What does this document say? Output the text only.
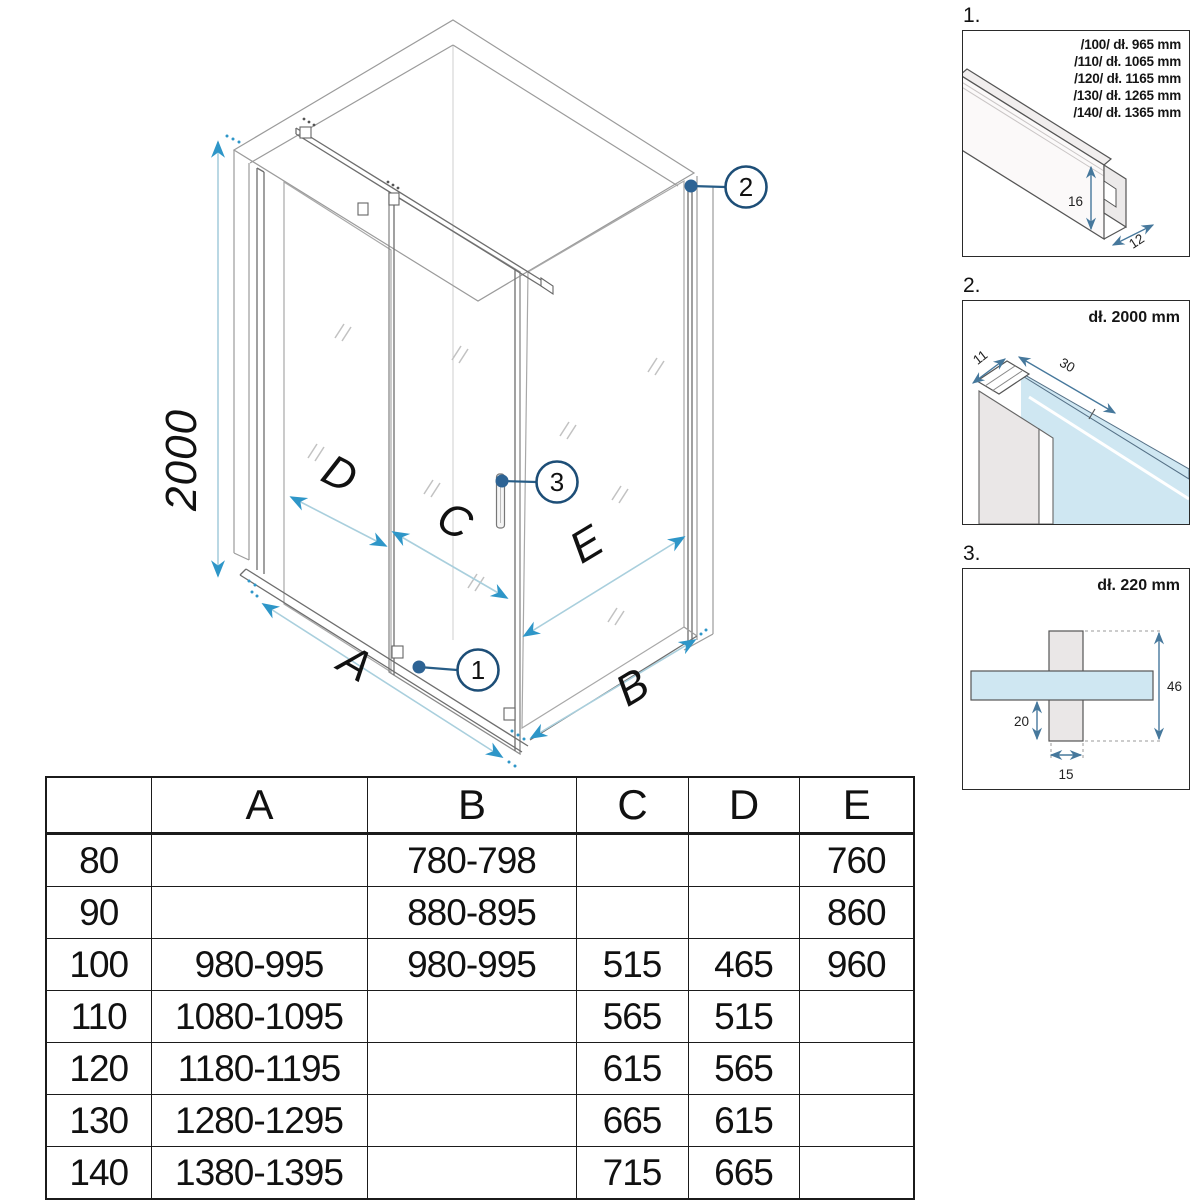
2000 D
C E
A	B
1
2
3
1.
16
12
/100/ dł. 965 mm
/110/ dł. 1065 mm
/120/ dł. 1165 mm
/130/ dł. 1265 mm
/140/ dł. 1365 mm
2.
11	30
dł. 2000 mm
3.
46
20
15
dł. 220 mm
	A	B	C	D	E
80		780-798			760
90		880-895			860
100	980-995	980-995	515	465	960
110	1080-1095		565	515	
120	1180-1195		615	565	
130	1280-1295		665	615	
140	1380-1395		715	665	
